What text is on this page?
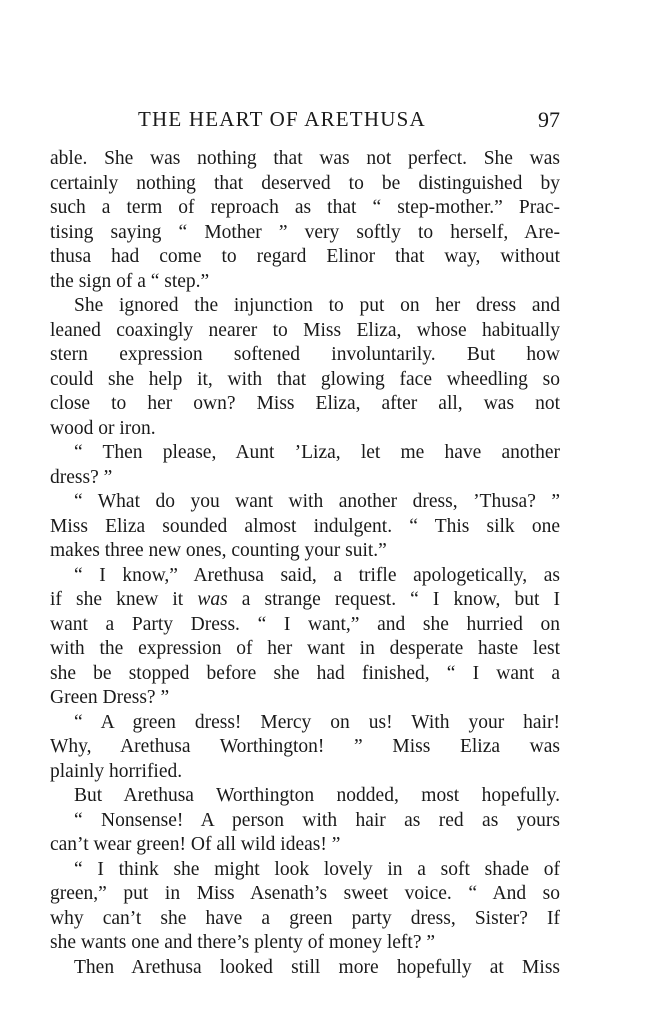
THE HEART OF ARETHUSA	97
able. She was nothing that was not perfect. She was
certainly nothing that deserved to be distinguished by
such a term of reproach as that “ step-mother.” Prac-
tising saying “ Mother ” very softly to herself, Are-
thusa had come to regard Elinor that way, without
the sign of a “ step.”
She ignored the injunction to put on her dress and
leaned coaxingly nearer to Miss Eliza, whose habitually
stern expression softened involuntarily. But how
could she help it, with that glowing face wheedling so
close to her own? Miss Eliza, after all, was not
wood or iron.
“ Then please, Aunt ’Liza, let me have another
dress? ”
“ What do you want with another dress, ’Thusa? ”
Miss Eliza sounded almost indulgent. “ This silk one
makes three new ones, counting your suit.”
“ I know,” Arethusa said, a trifle apologetically, as
if she knew it was a strange request. “ I know, but I
want a Party Dress. “ I want,” and she hurried on
with the expression of her want in desperate haste lest
she be stopped before she had finished, “ I want a
Green Dress? ”
“ A green dress! Mercy on us! With your hair!
Why, Arethusa Worthington! ” Miss Eliza was
plainly horrified.
But Arethusa Worthington nodded, most hopefully.
“ Nonsense! A person with hair as red as yours
can’t wear green! Of all wild ideas! ”
“ I think she might look lovely in a soft shade of
green,” put in Miss Asenath’s sweet voice. “ And so
why can’t she have a green party dress, Sister? If
she wants one and there’s plenty of money left? ”
Then Arethusa looked still more hopefully at Miss
